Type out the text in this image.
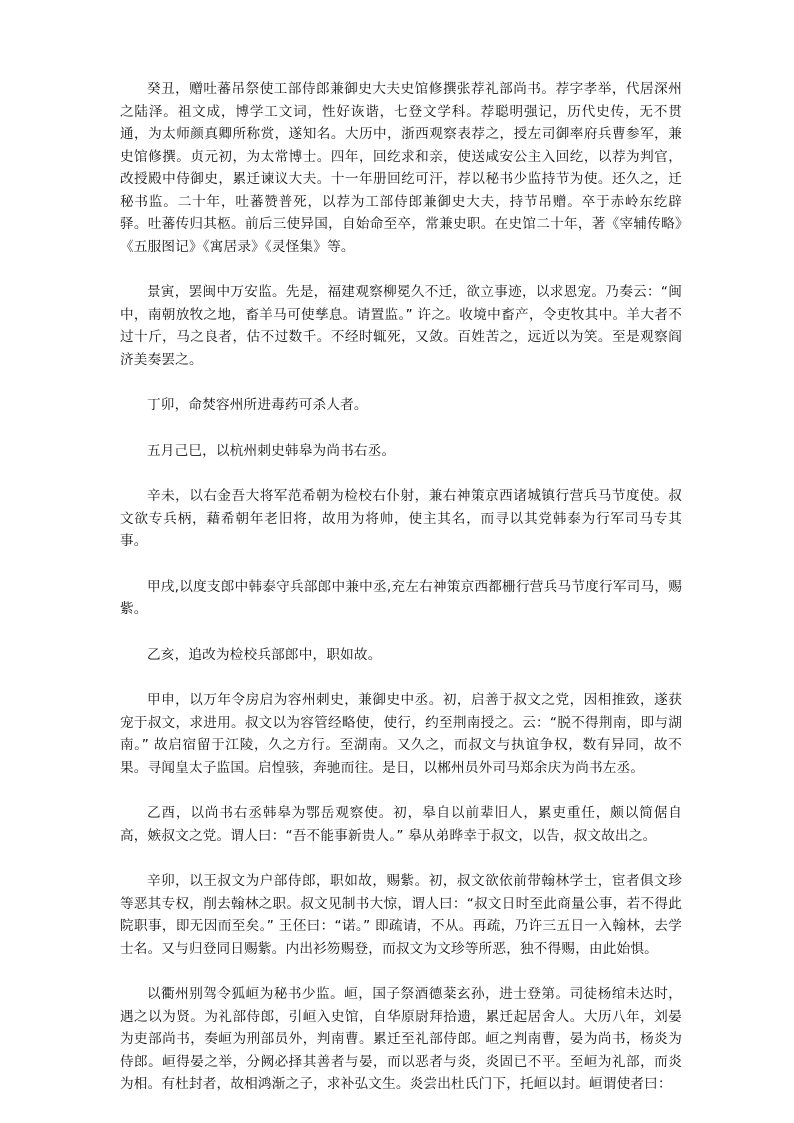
癸丑，赠吐蕃吊祭使工部侍郎兼御史大夫史馆修撰张荐礼部尚书。荐字孝举，代居深州之陆泽。祖文成，博学工文词，性好诙谐，七登文学科。荐聪明强记，历代史传，无不贯通，为太师颜真卿所称赏，遂知名。大历中，浙西观察表荐之，授左司御率府兵曹参军，兼史馆修撰。贞元初，为太常博士。四年，回纥求和亲，使送咸安公主入回纥，以荐为判官，改授殿中侍御史，累迁谏议大夫。十一年册回纥可汗，荐以秘书少监持节为使。还久之，迁秘书监。二十年，吐蕃赞普死，以荐为工部侍郎兼御史大夫，持节吊赠。卒于赤岭东纥辟驿。吐蕃传归其柩。前后三使异国，自始命至卒，常兼史职。在史馆二十年，著《宰辅传略》《五服图记》《寓居录》《灵怪集》等。

景寅，罢闽中万安监。先是，福建观察柳冕久不迁，欲立事迹，以求恩宠。乃奏云：“闽中，南朝放牧之地，畜羊马可使孳息。请置监。” 许之。收境中畜产，令吏牧其中。羊大者不过十斤，马之良者，估不过数千。不经时辄死，又敛。百姓苦之，远近以为笑。至是观察阎济美奏罢之。

丁卯，命焚容州所进毒药可杀人者。

五月己巳，以杭州刺史韩皋为尚书右丞。

辛未，以右金吾大将军范希朝为检校右仆射，兼右神策京西诸城镇行营兵马节度使。叔文欲专兵柄，藉希朝年老旧将，故用为将帅，使主其名，而寻以其党韩泰为行军司马专其事。

甲戌,以度支郎中韩泰守兵部郎中兼中丞,充左右神策京西都栅行营兵马节度行军司马，赐紫。

乙亥，追改为检校兵部郎中，职如故。

甲申，以万年令房启为容州刺史，兼御史中丞。初，启善于叔文之党，因相推致，遂获宠于叔文，求进用。叔文以为容管经略使，使行，约至荆南授之。云：“脱不得荆南，即与湖南。” 故启宿留于江陵，久之方行。至湖南。又久之，而叔文与执谊争权，数有异同，故不果。寻闻皇太子监国。启惶骇，奔驰而往。是日，以郴州员外司马郑余庆为尚书左丞。

乙酉，以尚书右丞韩皋为鄂岳观察使。初，皋自以前辈旧人，累吏重任，颇以简倨自高，嫉叔文之党。谓人曰：“吾不能事新贵人。” 皋从弟晔幸于叔文，以告，叔文故出之。

辛卯，以王叔文为户部侍郎，职如故，赐紫。初，叔文欲依前带翰林学士，宦者俱文珍等恶其专权，削去翰林之职。叔文见制书大惊，谓人曰：“叔文日时至此商量公事，若不得此院职事，即无因而至矣。” 王伾曰：“诺。” 即疏请，不从。再疏，乃许三五日一入翰林，去学士名。又与归登同日赐紫。内出衫笏赐登，而叔文为文珍等所恶，独不得赐，由此始惧。

以衢州别驾令狐峘为秘书少监。峘，国子祭酒德棻玄孙，进士登第。司徒杨绾未达时，遇之以为贤。为礼部侍郎，引峘入史馆，自华原尉拜拾遗，累迁起居舍人。大历八年，刘晏为吏部尚书，奏峘为刑部员外，判南曹。累迁至礼部侍郎。峘之判南曹，晏为尚书，杨炎为侍郎。峘得晏之举，分阙必择其善者与晏，而以恶者与炎，炎固已不平。至峘为礼部，而炎为相。有杜封者，故相鸿渐之子，求补弘文生。炎尝出杜氏门下，托峘以封。峘谓使者曰：
